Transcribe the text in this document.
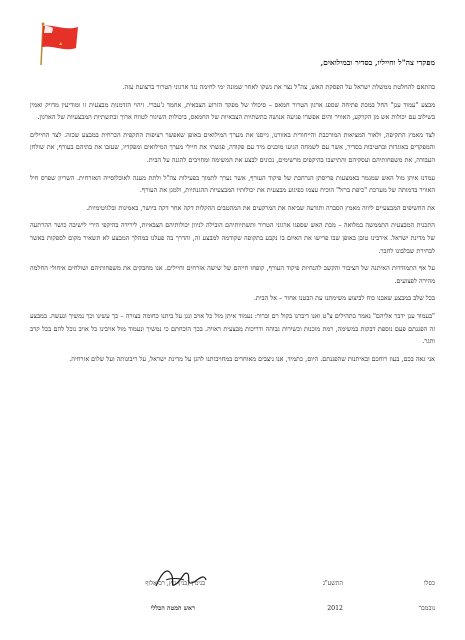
מפקדי צה"ל וחייליו, בסדיר ובמילואים,

בהתאם להחלטת ממשלת ישראל על הפסקת האש, צה"ל נצר את נשקו לאחר שמונה ימי לחימה נגד ארגוני הטרור ברצועת עזה.

מבצע "עמוד ענן" החל במכת פתיחה שספג ארגון הטרור חמאס – סיכולו של מפקד הזרוע הצבאית, אחמד ג'עברי. זיהוי הזדמנות מבצעית זו ומודיעין מדויק ואמין בשילוב עם יכולות אש מן הקרקע, האוויר והים אפשרו פגיעה אנושה בתשתיות הצבאיות של החמאס, ביכולות השיגור לטווח ארוך ובתשתיות המבצעיות של הארגון.

לצד מאמץ התקיפה, ולאור המציאות המורכבת והייחודית באזורנו, גייסנו את מערך המילואים באופן שאפשר רציפות התקפית הכרחית במבצע שכזה. לצד החיילים והמפקדים באוגדות ובחטיבות בסדיר, אשר עם לשמחה הגיעו מוכנים מיד עם פקודה, פגשתי את חיילי מערך המילואים ומפקדיו, שעזבו את בתיהם בעורף, את שולחן העבודה, את משפחותיהם ועסקיהם והתייצבו בהיקפים מרשימים, נכונים לבצע את המשימה ומחויבים להגנה על הבית.

עמדנו איתן מול האש שמגמר באמצעות פריסתן הנרחבת של פיקוד העורף, אשר נערך לתמוך בפעילות צה"ל ולתת מענה לאוכלוסייה האזרחית. השריון שפרס חיל האוויר בדמותה של מערכת "כיפת ברזל" הוכיח עצמו כפיגוע מבצעית את יכולותיו המבצעיות ההגנתיות, ולמגן את העורף.

את החשיפים המבצעיים ליווה מאמץ הסברה ותודעה שביאה את המרקעים את המהטבים ההקלות דקה אחר דקה ביושר, באמינות ובלגיטימיות.

התכנית המבצעית התממשה במלואה – מכת האש שספגו ארגוני הטרור ותשתיותיהם הובילה לניוון יכולותיהם הצבאיות, לירידה בהיקפי הירי לישיבה כושר ההרתעה של מדינת ישראל. אירבינו טובן באופן שבו פרישו את האיום בו נקבע בתקופה שקודמה למבצע זה, והדרך בה פעלנו במהלך המבצע לא תשאיר מקום לספקות באשר לבחירת שבלבונו לחבר.

על אף התמודדות האיתנה של הציבור והקשב להנחיות פיקוד העורף, קופחו חייהם של שישה אזרחים וחיילים. אנו מחבקים את משפחותיהם ושולחים איחולי החלמה מהירה לפצועים.

בכל שלב במבצע שאבנו כוח לביצוע משימתנו עת הבטנו אחור – אל הבית.

"בעמוד ענן ידבר אליהם" נאמר בתהילים צ"ט ואנו דיברנו בקול רם וברור: נעמוד איתן מול כל אויב ונגן על ביתנו כחומה בצורה – כך עשינו וכך נמשיך ונעשה. במבצע זה הפגנתם פעם נוספת דבקות במשימה, רמת מוכנות וכשירות גבוהה ודריכות מבצעית ראויה. בכך הוכחתם כי נמשיך ונעמוד מול אויבינו כל אויב נוכל להם בכל קרב ותגר.

אני גאה בכם, בעוז רוחכם ובאיתנות שהפגנתם. היום, כתמיד, אנו ניצבים מאוחדים במחויבותנו להגן על מדינת ישראל, על ריבונותה ועל שלום אזרחיה.

כסלו
התשע"ג
בנימין (בני) גנץ, רב-אלוף
נובמבר
2012
ראש המטה הכללי
